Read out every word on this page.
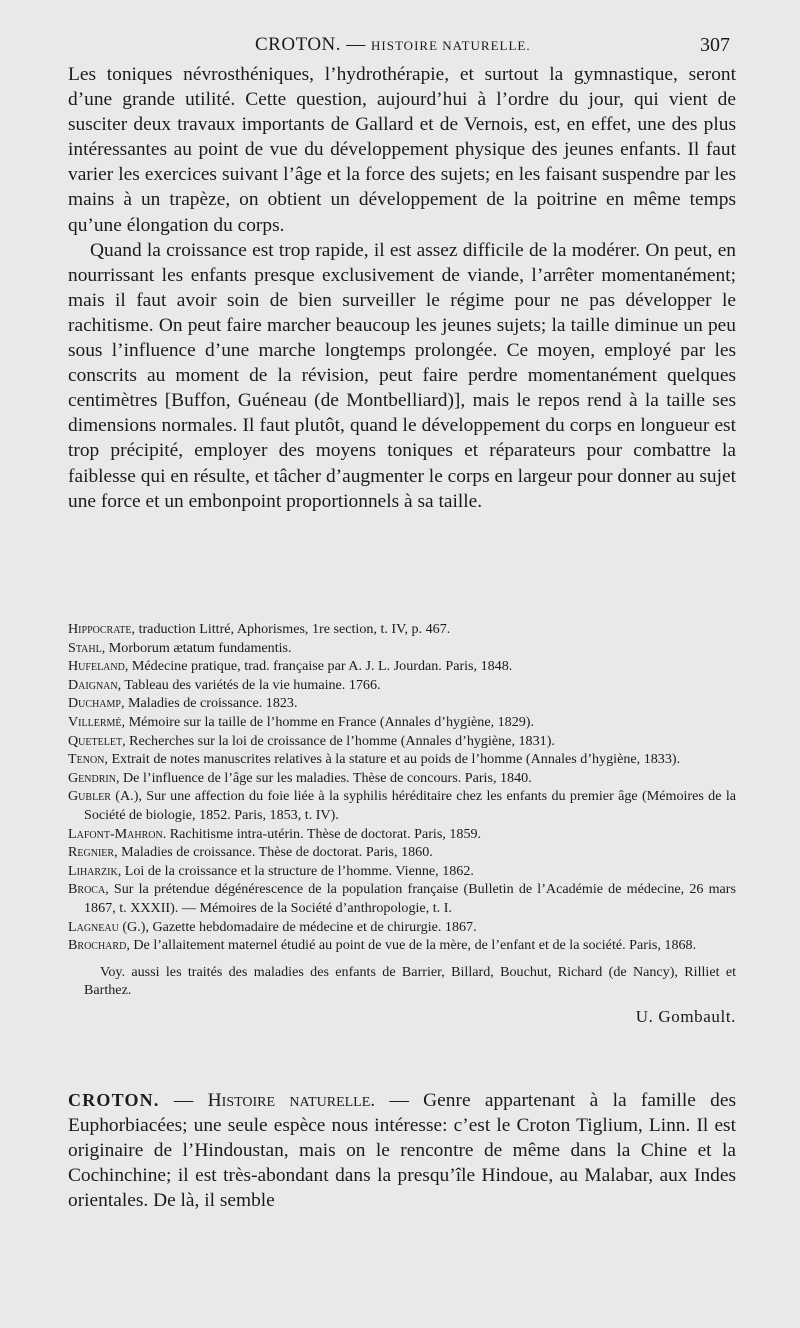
CROTON. — HISTOIRE NATURELLE.	307

Les toniques névrosthéniques, l’hydrothérapie, et surtout la gymnastique, seront d’une grande utilité. Cette question, aujourd’hui à l’ordre du jour, qui vient de susciter deux travaux importants de Gallard et de Vernois, est, en effet, une des plus intéressantes au point de vue du développement physique des jeunes enfants. Il faut varier les exercices suivant l’âge et la force des sujets; en les faisant suspendre par les mains à un trapèze, on obtient un développement de la poitrine en même temps qu’une élongation du corps.

Quand la croissance est trop rapide, il est assez difficile de la modérer. On peut, en nourrissant les enfants presque exclusivement de viande, l’arrêter momentanément; mais il faut avoir soin de bien surveiller le régime pour ne pas développer le rachitisme. On peut faire marcher beaucoup les jeunes sujets; la taille diminue un peu sous l’influence d’une marche longtemps prolongée. Ce moyen, employé par les conscrits au moment de la révision, peut faire perdre momentanément quelques centimètres [Buffon, Guéneau (de Montbelliard)], mais le repos rend à la taille ses dimensions normales. Il faut plutôt, quand le développement du corps en longueur est trop précipité, employer des moyens toniques et réparateurs pour combattre la faiblesse qui en résulte, et tâcher d’augmenter le corps en largeur pour donner au sujet une force et un embonpoint proportionnels à sa taille.

Hippocrate, traduction Littré, Aphorismes, 1re section, t. IV, p. 467.

Stahl, Morborum ætatum fundamentis.

Hufeland, Médecine pratique, trad. française par A. J. L. Jourdan. Paris, 1848.

Daignan, Tableau des variétés de la vie humaine. 1766.

Duchamp, Maladies de croissance. 1823.

Villermé, Mémoire sur la taille de l’homme en France (Annales d’hygiène, 1829).

Quetelet, Recherches sur la loi de croissance de l’homme (Annales d’hygiène, 1831).

Tenon, Extrait de notes manuscrites relatives à la stature et au poids de l’homme (Annales d’hygiène, 1833).

Gendrin, De l’influence de l’âge sur les maladies. Thèse de concours. Paris, 1840.

Gubler (A.), Sur une affection du foie liée à la syphilis héréditaire chez les enfants du premier âge (Mémoires de la Société de biologie, 1852. Paris, 1853, t. IV).

Lafont-Mahron. Rachitisme intra-utérin. Thèse de doctorat. Paris, 1859.

Regnier, Maladies de croissance. Thèse de doctorat. Paris, 1860.

Liharzik, Loi de la croissance et la structure de l’homme. Vienne, 1862.

Broca, Sur la prétendue dégénérescence de la population française (Bulletin de l’Académie de médecine, 26 mars 1867, t. XXXII). — Mémoires de la Société d’anthropologie, t. I.

Lagneau (G.), Gazette hebdomadaire de médecine et de chirurgie. 1867.

Brochard, De l’allaitement maternel étudié au point de vue de la mère, de l’enfant et de la société. Paris, 1868.

Voy. aussi les traités des maladies des enfants de Barrier, Billard, Bouchut, Richard (de Nancy), Rilliet et Barthez.

U. Gombault.

CROTON. — Histoire naturelle. — Genre appartenant à la famille des Euphorbiacées; une seule espèce nous intéresse: c’est le Croton Tiglium, Linn. Il est originaire de l’Hindoustan, mais on le rencontre de même dans la Chine et la Cochinchine; il est très-abondant dans la presqu’île Hindoue, au Malabar, aux Indes orientales. De là, il semble
